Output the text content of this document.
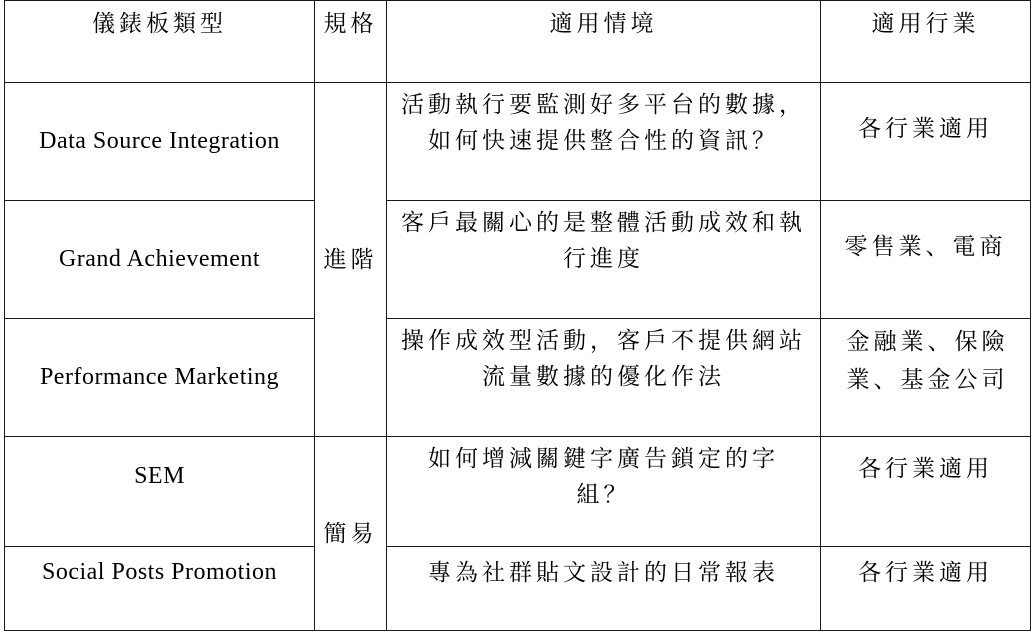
儀錶板類型	規格	適用情境	適用行業
Data Source Integration	進階	活動執行要監測好多平台的數據，如何快速提供整合性的資訊？	各行業適用
Grand Achievement		客戶最關心的是整體活動成效和執行進度	零售業、電商
Performance Marketing		操作成效型活動，客戶不提供網站流量數據的優化作法	金融業、保險業、基金公司
SEM	簡易	如何增減關鍵字廣告鎖定的字組？	各行業適用
Social Posts Promotion		專為社群貼文設計的日常報表	各行業適用
